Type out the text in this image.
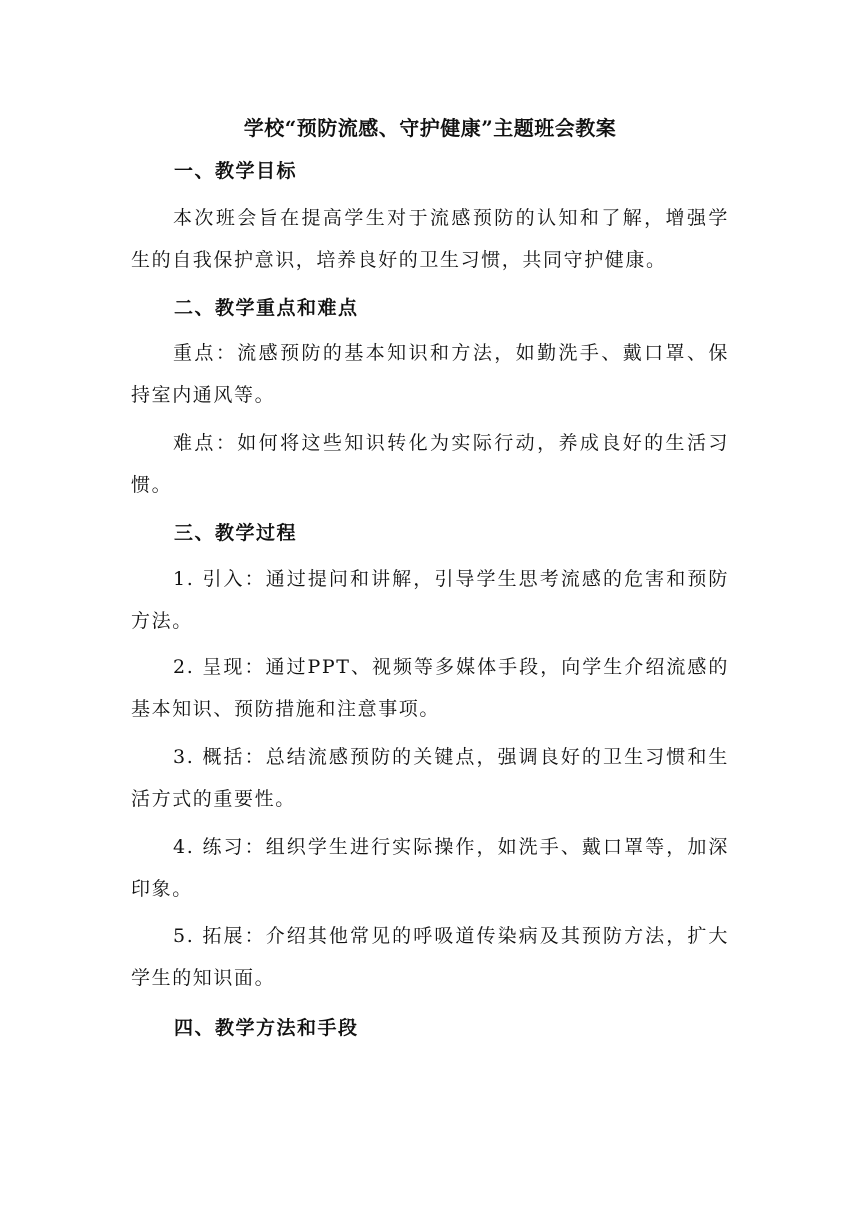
学校“预防流感、守护健康”主题班会教案
一、教学目标

本次班会旨在提高学生对于流感预防的认知和了解，增强学生的自我保护意识，培养良好的卫生习惯，共同守护健康。

二、教学重点和难点

重点：流感预防的基本知识和方法，如勤洗手、戴口罩、保持室内通风等。

难点：如何将这些知识转化为实际行动，养成良好的生活习惯。

三、教学过程

1. 引入：通过提问和讲解，引导学生思考流感的危害和预防方法。

2. 呈现：通过PPT、视频等多媒体手段，向学生介绍流感的基本知识、预防措施和注意事项。

3. 概括：总结流感预防的关键点，强调良好的卫生习惯和生活方式的重要性。

4. 练习：组织学生进行实际操作，如洗手、戴口罩等，加深印象。

5. 拓展：介绍其他常见的呼吸道传染病及其预防方法，扩大学生的知识面。

四、教学方法和手段
